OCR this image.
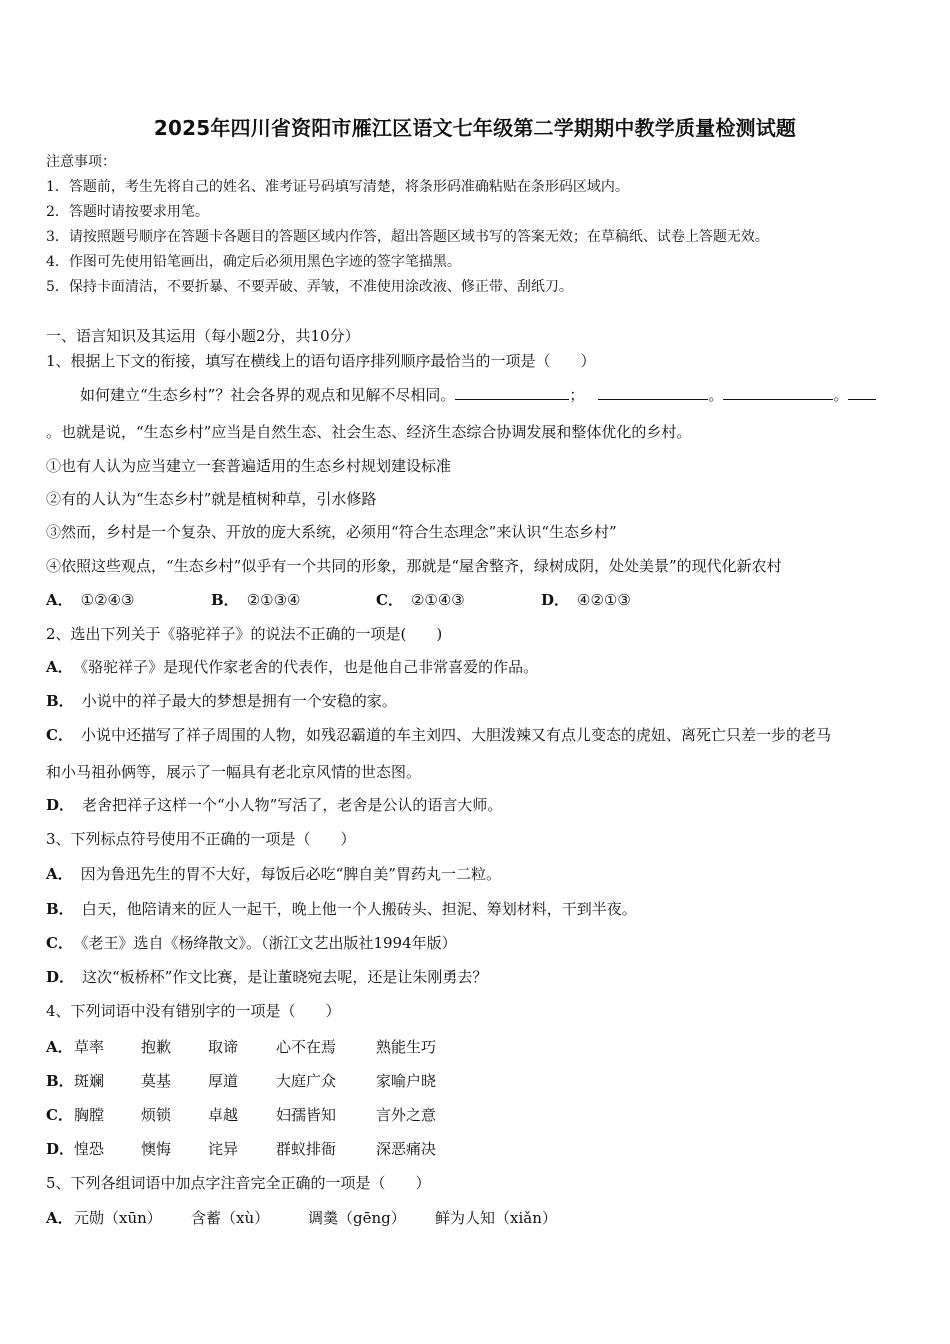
2025年四川省资阳市雁江区语文七年级第二学期期中教学质量检测试题
注意事项：
1．答题前，考生先将自己的姓名、准考证号码填写清楚，将条形码准确粘贴在条形码区域内。
2．答题时请按要求用笔。
3．请按照题号顺序在答题卡各题目的答题区域内作答，超出答题区域书写的答案无效；在草稿纸、试卷上答题无效。
4．作图可先使用铅笔画出，确定后必须用黑色字迹的签字笔描黑。
5．保持卡面清洁，不要折暴、不要弄破、弄皱，不准使用涂改液、修正带、刮纸刀。
一、语言知识及其运用（每小题2分，共10分）
1、根据上下文的衔接，填写在横线上的语句语序排列顺序最恰当的一项是（　　）
如何建立“生态乡村”？社会各界的观点和见解不尽相同。	；	。	。
。也就是说，“生态乡村”应当是自然生态、社会生态、经济生态综合协调发展和整体优化的乡村。
①也有人认为应当建立一套普遍适用的生态乡村规划建设标准
②有的人认为“生态乡村”就是植树种草，引水修路
③然而，乡村是一个复杂、开放的庞大系统，必须用“符合生态理念”来认识“生态乡村”
④依照这些观点，“生态乡村”似乎有一个共同的形象，那就是“屋舍整齐，绿树成阴，处处美景”的现代化新农村
A． ①②④③	B． ②①③④	C． ②①④③	D． ④②①③
2、选出下列关于《骆驼祥子》的说法不正确的一项是(　　)
A． 《骆驼祥子》是现代作家老舍的代表作，也是他自己非常喜爱的作品。
B． 小说中的祥子最大的梦想是拥有一个安稳的家。
C． 小说中还描写了祥子周围的人物，如残忍霸道的车主刘四、大胆泼辣又有点儿变态的虎妞、离死亡只差一步的老马
和小马祖孙俩等，展示了一幅具有老北京风情的世态图。
D． 老舍把祥子这样一个“小人物”写活了，老舍是公认的语言大师。
3、下列标点符号使用不正确的一项是（　　）
A． 因为鲁迅先生的胃不大好，每饭后必吃“脾自美”胃药丸一二粒。
B． 白天，他陪请来的匠人一起干，晚上他一个人搬砖头、担泥、筹划材料，干到半夜。
C． 《老王》选自《杨绛散文》。（浙江文艺出版社1994年版）
D． 这次“板桥杯”作文比赛，是让董晓宛去呢，还是让朱刚勇去？
4、下列词语中没有错别字的一项是（　　）
A． 草率 抱歉 取谛	心不在焉	熟能生巧
B． 斑斓 莫基 厚道	大庭广众	家喻户晓
C． 胸膛 烦锁 卓越	妇孺皆知	言外之意
D． 惶恐 懊悔 诧异	群蚁排衙	深恶痛决
5、下列各组词语中加点字注音完全正确的一项是（　　）
A． 元勋（xūn） 含蓄（xù）	调羹（gēng） 鲜为人知（xiǎn）
